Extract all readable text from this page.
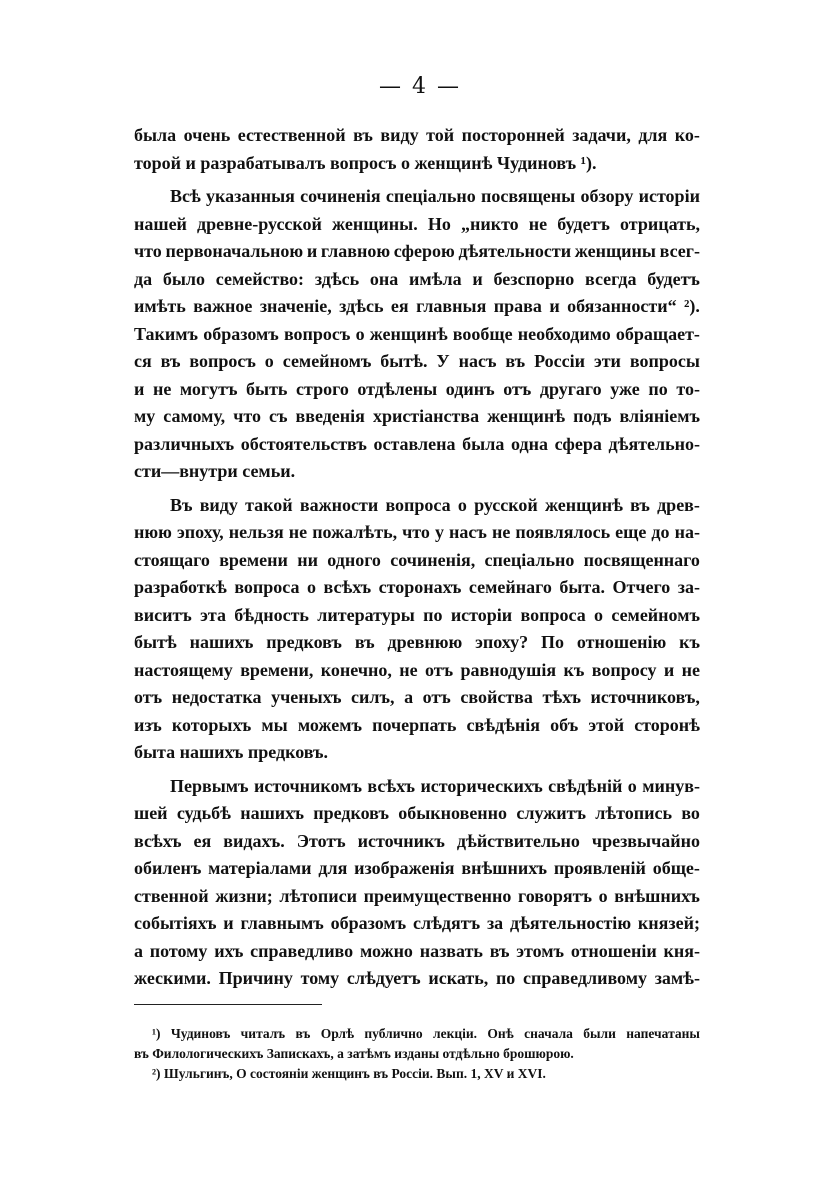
— 4 —
была очень естественной въ виду той посторонней задачи, для ко-
торой и разрабатывалъ вопросъ о женщинѣ Чудиновъ ¹).
Всѣ указанныя сочиненія спеціально посвящены обзору исторіи
нашей древне-русской женщины. Но „никто не будетъ отрицать,
что первоначальною и главною сферою дѣятельности женщины всег-
да было семейство: здѣсь она имѣла и безспорно всегда будетъ
имѣть важное значеніе, здѣсь ея главныя права и обязанности“ ²).
Такимъ образомъ вопросъ о женщинѣ вообще необходимо обращает-
ся въ вопросъ о семейномъ бытѣ. У насъ въ Россіи эти вопросы
и не могутъ быть строго отдѣлены одинъ отъ другаго уже по то-
му самому, что съ введенія христіанства женщинѣ подъ вліяніемъ
различныхъ обстоятельствъ оставлена была одна сфера дѣятельно-
сти—внутри семьи.
Въ виду такой важности вопроса о русской женщинѣ въ древ-
нюю эпоху, нельзя не пожалѣть, что у насъ не появлялось еще до на-
стоящаго времени ни одного сочиненія, спеціально посвященнаго
разработкѣ вопроса о всѣхъ сторонахъ семейнаго быта. Отчего за-
виситъ эта бѣдность литературы по исторіи вопроса о семейномъ
бытѣ нашихъ предковъ въ древнюю эпоху? По отношенію къ
настоящему времени, конечно, не отъ равнодушія къ вопросу и не
отъ недостатка ученыхъ силъ, а отъ свойства тѣхъ источниковъ,
изъ которыхъ мы можемъ почерпать свѣдѣнія объ этой сторонѣ
быта нашихъ предковъ.
Первымъ источникомъ всѣхъ историческихъ свѣдѣній о минув-
шей судьбѣ нашихъ предковъ обыкновенно служитъ лѣтопись во
всѣхъ ея видахъ. Этотъ источникъ дѣйствительно чрезвычайно
обиленъ матеріалами для изображенія внѣшнихъ проявленій обще-
ственной жизни; лѣтописи преимущественно говорятъ о внѣшнихъ
событіяхъ и главнымъ образомъ слѣдятъ за дѣятельностію князей;
а потому ихъ справедливо можно назвать въ этомъ отношеніи кня-
жескими. Причину тому слѣдуетъ искать, по справедливому замѣ-
¹) Чудиновъ читалъ въ Орлѣ публично лекціи. Онѣ сначала были напечатаны
въ Филологическихъ Запискахъ, а затѣмъ изданы отдѣльно брошюрою.
²) Шульгинъ, О состояніи женщинъ въ Россіи. Вып. 1, XV и XVI.
